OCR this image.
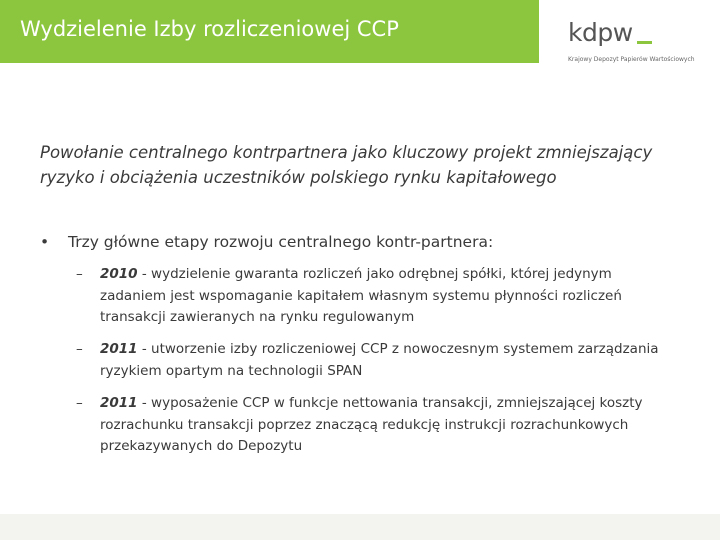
Wydzielenie Izby rozliczeniowej CCP	kdpw
Krajowy Depozyt Papierów Wartościowych
Powołanie centralnego kontrpartnera jako kluczowy projekt zmniejszający ryzyko i obciążenia uczestników polskiego rynku kapitałowego
• Trzy główne etapy rozwoju centralnego kontr-partnera:
– 2010 - wydzielenie gwaranta rozliczeń jako odrębnej spółki, której jedynym zadaniem jest wspomaganie kapitałem własnym systemu płynności rozliczeń transakcji zawieranych na rynku regulowanym
– 2011 - utworzenie izby rozliczeniowej CCP z nowoczesnym systemem zarządzania ryzykiem opartym na technologii SPAN
– 2011 - wyposażenie CCP w funkcje nettowania transakcji, zmniejszającej koszty rozrachunku transakcji poprzez znaczącą redukcję instrukcji rozrachunkowych przekazywanych do Depozytu
